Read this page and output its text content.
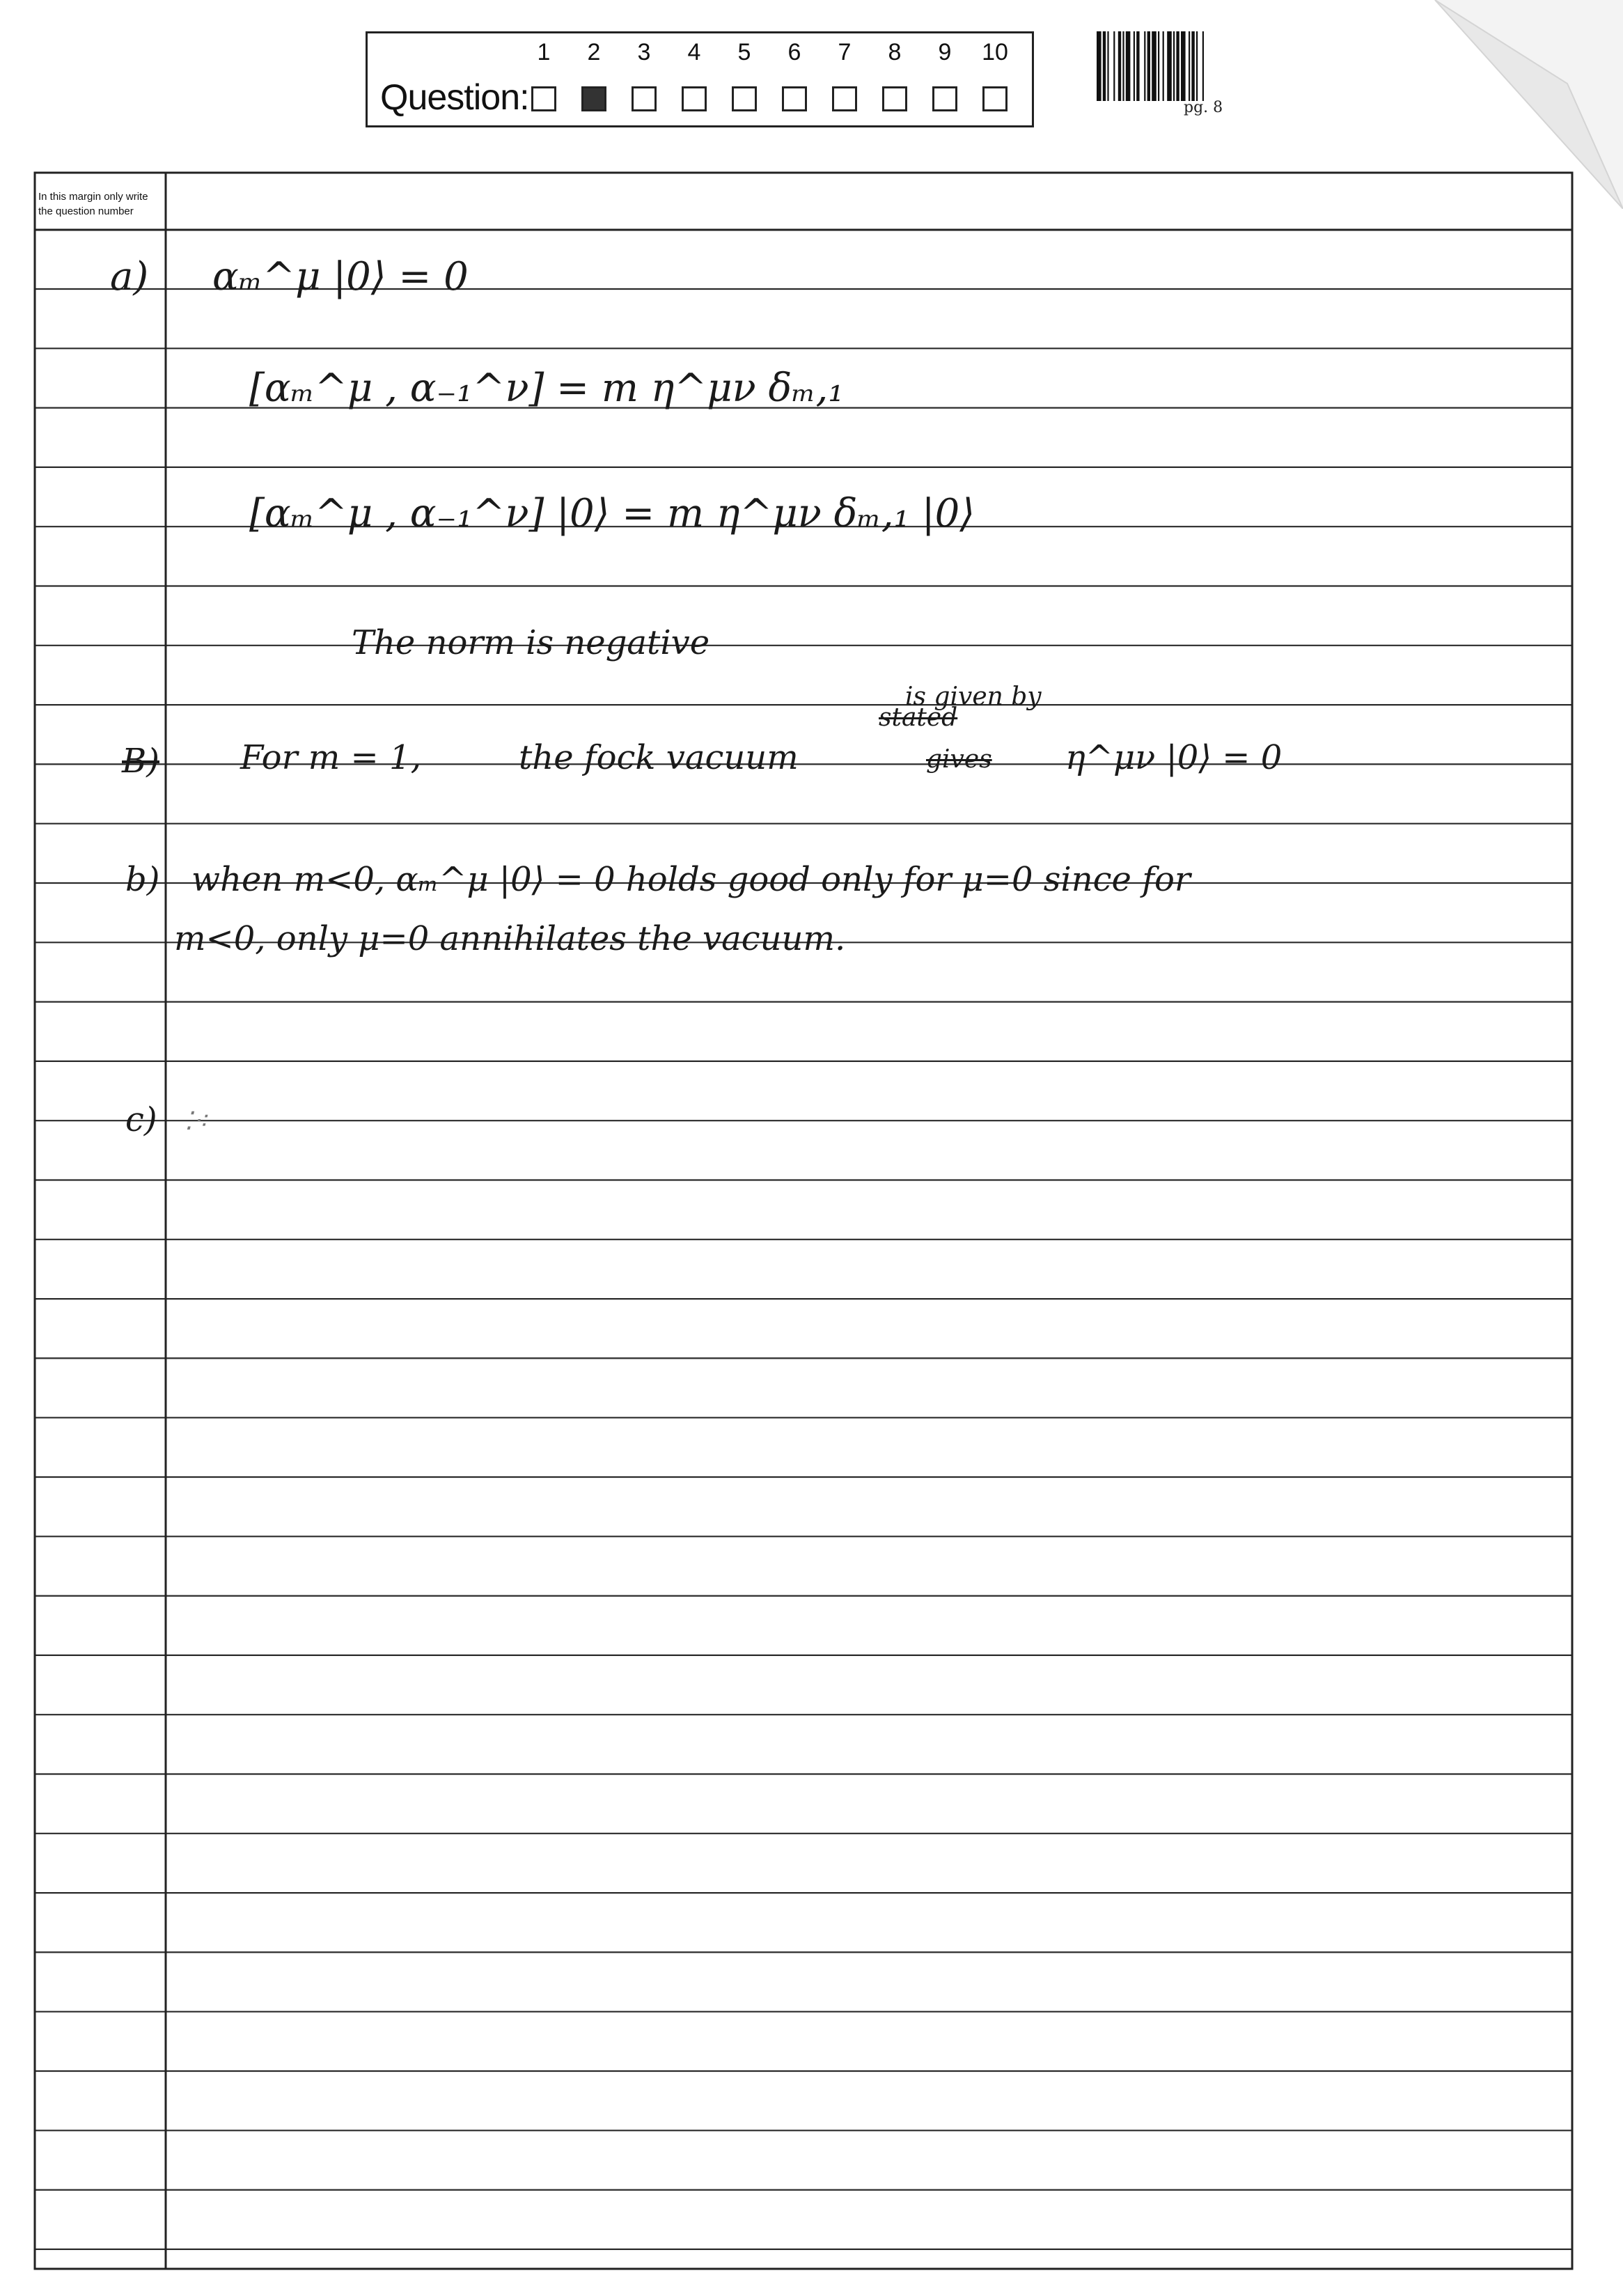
1	2	3	4	5	6	7	8	9	10
Question:	pg. 8
In this margin only write the question number
a) αₘ^μ |0⟩ = 0
[αₘ^μ , α₋₁^ν] = m η^μν δₘ,₁
[αₘ^μ , α₋₁^ν] |0⟩ = m η^μν δₘ,₁ |0⟩
The norm is negative
stated
is given by
B) For m = 1,	the fock vacuum	gives η^μν |0⟩ = 0
b) when m<0, αₘ^μ |0⟩ = 0 holds good only for μ=0 since for
m<0, only μ=0 annihilates the vacuum.
c) ⁚⁖
